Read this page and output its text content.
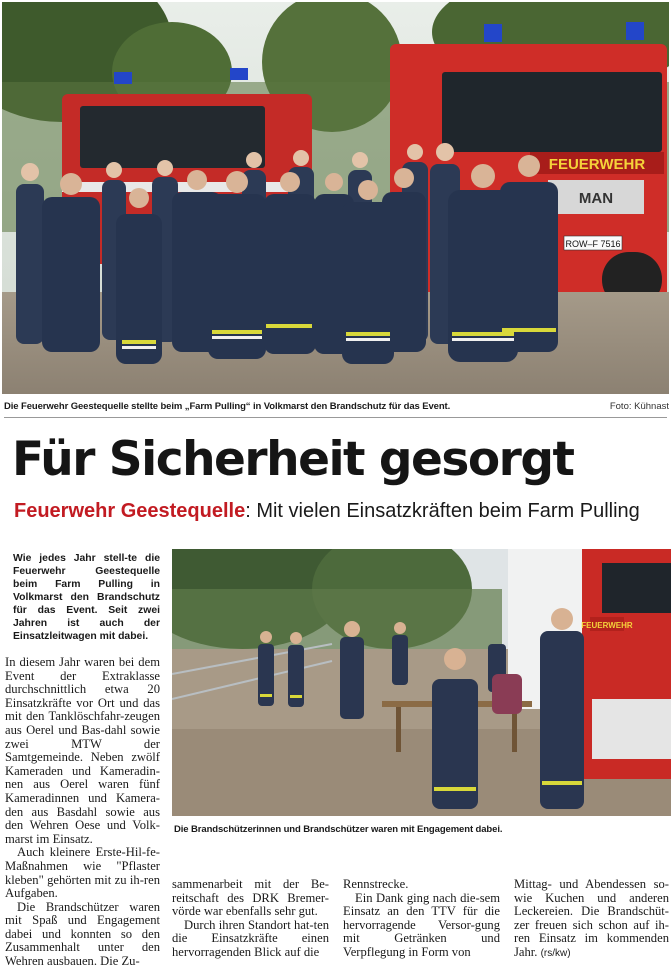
FEUERWEHR
MAN
ROW–F 7516
Die Feuerwehr Geestequelle stellte beim „Farm Pulling“ in Volkmarst den Brandschutz für das Event.	Foto: Kühnast
Für Sicherheit gesorgt
Feuerwehr Geestequelle: Mit vielen Einsatzkräften beim Farm Pulling
Wie jedes Jahr stell-te die Feuerwehr Geestequelle beim Farm Pulling in Volkmarst den Brandschutz für das Event. Seit zwei Jahren ist auch der Einsatzleitwagen mit dabei.

In diesem Jahr waren bei dem Event der Extraklasse durchschnittlich etwa 20 Einsatzkräfte vor Ort und das mit den Tanklöschfahr-zeugen aus Oerel und Bas-dahl sowie zwei MTW der Samtgemeinde. Neben zwölf Kameraden und Kameradin-nen aus Oerel waren fünf Kameradinnen und Kamera-den aus Basdahl sowie aus den Wehren Oese und Volk-marst im Einsatz.

Auch kleinere Erste-Hil-fe-Maßnahmen wie "Pflaster kleben" gehörten mit zu ih-ren Aufgaben.

Die Brandschützer waren mit Spaß und Engagement dabei und konnten so den Zusammenhalt unter den Wehren ausbauen. Die Zu-

FEUERWEHR
Die Brandschützerinnen und Brandschützer waren mit Engagement dabei.

sammenarbeit mit der Be-reitschaft des DRK Bremer-vörde war ebenfalls sehr gut.

Durch ihren Standort hat-ten die Einsatzkräfte einen hervorragenden Blick auf die

Rennstrecke.

Ein Dank ging nach die-sem Einsatz an den TTV für die hervorragende Versor-gung mit Getränken und Verpflegung in Form von

Mittag- und Abendessen so-wie Kuchen und anderen Leckereien. Die Brandschüt-zer freuen sich schon auf ih-ren Einsatz im kommenden Jahr. (rs/kw)
